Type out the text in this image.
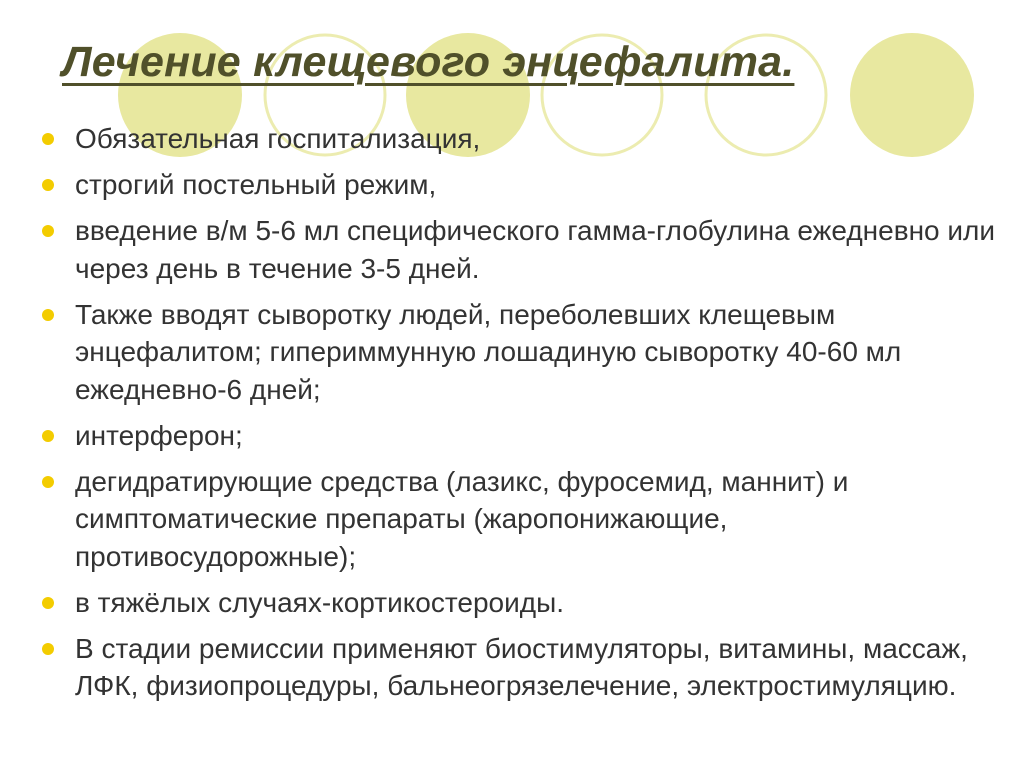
Лечение клещевого энцефалита.
Обязательная госпитализация,
строгий постельный режим,
введение в/м 5-6 мл специфического гамма-глобулина ежедневно или через день в течение 3-5 дней.
Также вводят сыворотку людей, переболевших клещевым энцефалитом; гипериммунную лошадиную сыворотку 40-60 мл ежедневно-6 дней;
интерферон;
дегидратирующие средства (лазикс, фуросемид, маннит) и симптоматические препараты (жаропонижающие, противосудорожные);
в тяжёлых случаях-кортикостероиды.
В стадии ремиссии применяют биостимуляторы, витамины, массаж, ЛФК, физиопроцедуры, бальнеогрязелечение, электростимуляцию.
